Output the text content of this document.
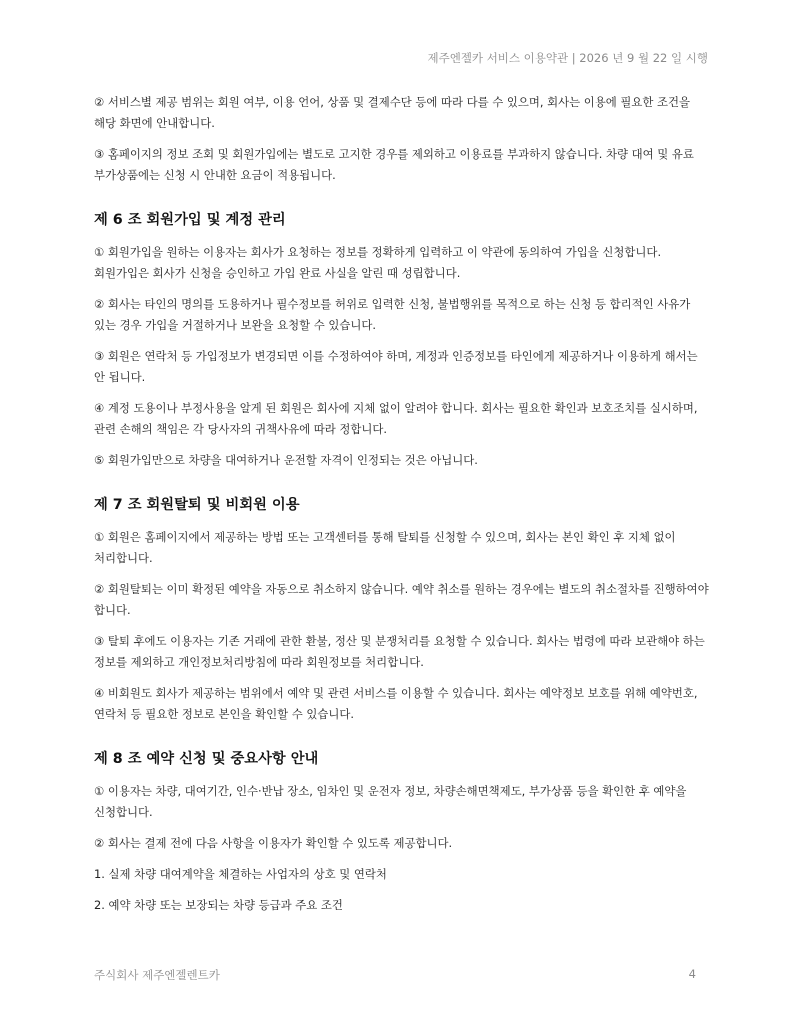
제주엔젤카 서비스 이용약관 | 2026 년 9 월 22 일 시행

② 서비스별 제공 범위는 회원 여부, 이용 언어, 상품 및 결제수단 등에 따라 다를 수 있으며, 회사는 이용에 필요한 조건을 해당 화면에 안내합니다.

③ 홈페이지의 정보 조회 및 회원가입에는 별도로 고지한 경우를 제외하고 이용료를 부과하지 않습니다. 차량 대여 및 유료 부가상품에는 신청 시 안내한 요금이 적용됩니다.

제 6 조 회원가입 및 계정 관리

① 회원가입을 원하는 이용자는 회사가 요청하는 정보를 정확하게 입력하고 이 약관에 동의하여 가입을 신청합니다. 회원가입은 회사가 신청을 승인하고 가입 완료 사실을 알린 때 성립합니다.

② 회사는 타인의 명의를 도용하거나 필수정보를 허위로 입력한 신청, 불법행위를 목적으로 하는 신청 등 합리적인 사유가 있는 경우 가입을 거절하거나 보완을 요청할 수 있습니다.

③ 회원은 연락처 등 가입정보가 변경되면 이를 수정하여야 하며, 계정과 인증정보를 타인에게 제공하거나 이용하게 해서는 안 됩니다.

④ 계정 도용이나 부정사용을 알게 된 회원은 회사에 지체 없이 알려야 합니다. 회사는 필요한 확인과 보호조치를 실시하며, 관련 손해의 책임은 각 당사자의 귀책사유에 따라 정합니다.

⑤ 회원가입만으로 차량을 대여하거나 운전할 자격이 인정되는 것은 아닙니다.

제 7 조 회원탈퇴 및 비회원 이용

① 회원은 홈페이지에서 제공하는 방법 또는 고객센터를 통해 탈퇴를 신청할 수 있으며, 회사는 본인 확인 후 지체 없이 처리합니다.

② 회원탈퇴는 이미 확정된 예약을 자동으로 취소하지 않습니다. 예약 취소를 원하는 경우에는 별도의 취소절차를 진행하여야 합니다.

③ 탈퇴 후에도 이용자는 기존 거래에 관한 환불, 정산 및 분쟁처리를 요청할 수 있습니다. 회사는 법령에 따라 보관해야 하는 정보를 제외하고 개인정보처리방침에 따라 회원정보를 처리합니다.

④ 비회원도 회사가 제공하는 범위에서 예약 및 관련 서비스를 이용할 수 있습니다. 회사는 예약정보 보호를 위해 예약번호, 연락처 등 필요한 정보로 본인을 확인할 수 있습니다.

제 8 조 예약 신청 및 중요사항 안내

① 이용자는 차량, 대여기간, 인수·반납 장소, 임차인 및 운전자 정보, 차량손해면책제도, 부가상품 등을 확인한 후 예약을 신청합니다.

② 회사는 결제 전에 다음 사항을 이용자가 확인할 수 있도록 제공합니다.

1. 실제 차량 대여계약을 체결하는 사업자의 상호 및 연락처

2. 예약 차량 또는 보장되는 차량 등급과 주요 조건

주식회사 제주엔젤렌트카	4
